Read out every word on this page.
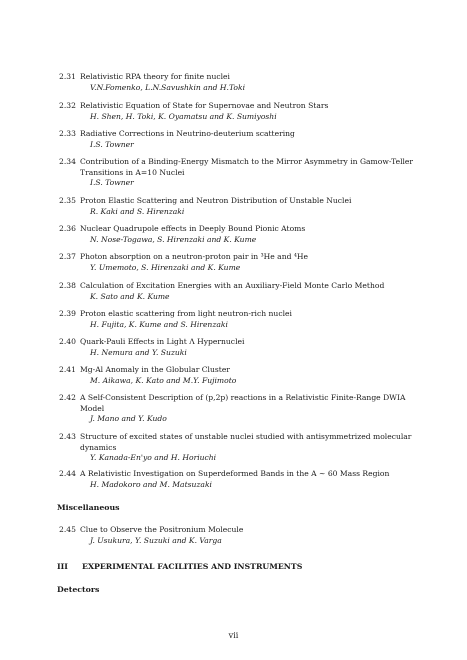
2.31 Relativistic RPA theory for finite nuclei
V.N.Fomenko, L.N.Savushkin and H.Toki
2.32 Relativistic Equation of State for Supernovae and Neutron Stars
H. Shen, H. Toki, K. Oyamatsu and K. Sumiyoshi
2.33 Radiative Corrections in Neutrino-deuterium scattering
I.S. Towner
2.34 Contribution of a Binding-Energy Mismatch to the Mirror Asymmetry in Gamow-Teller Transitions in A=10 Nuclei
I.S. Towner
2.35 Proton Elastic Scattering and Neutron Distribution of Unstable Nuclei
R. Kaki and S. Hirenzaki
2.36 Nuclear Quadrupole effects in Deeply Bound Pionic Atoms
N. Nose-Togawa, S. Hirenzaki and K. Kume
2.37 Photon absorption on a neutron-proton pair in ³He and ⁴He
Y. Umemoto, S. Hirenzaki and K. Kume
2.38 Calculation of Excitation Energies with an Auxiliary-Field Monte Carlo Method
K. Sato and K. Kume
2.39 Proton elastic scattering from light neutron-rich nuclei
H. Fujita, K. Kume and S. Hirenzaki
2.40 Quark-Pauli Effects in Light Λ Hypernuclei
H. Nemura and Y. Suzuki
2.41 Mg-Al Anomaly in the Globular Cluster
M. Aikawa, K. Kato and M.Y. Fujimoto
2.42 A Self-Consistent Description of (p,2p) reactions in a Relativistic Finite-Range DWIA Model
J. Mano and Y. Kudo
2.43 Structure of excited states of unstable nuclei studied with antisymmetrized molecular dynamics
Y. Kanada-En'yo and H. Horiuchi
2.44 A Relativistic Investigation on Superdeformed Bands in the A ∼ 60 Mass Region
H. Madokoro and M. Matsuzaki
Miscellaneous
2.45 Clue to Observe the Positronium Molecule
J. Usukura, Y. Suzuki and K. Varga
III EXPERIMENTAL FACILITIES AND INSTRUMENTS
Detectors
vii
